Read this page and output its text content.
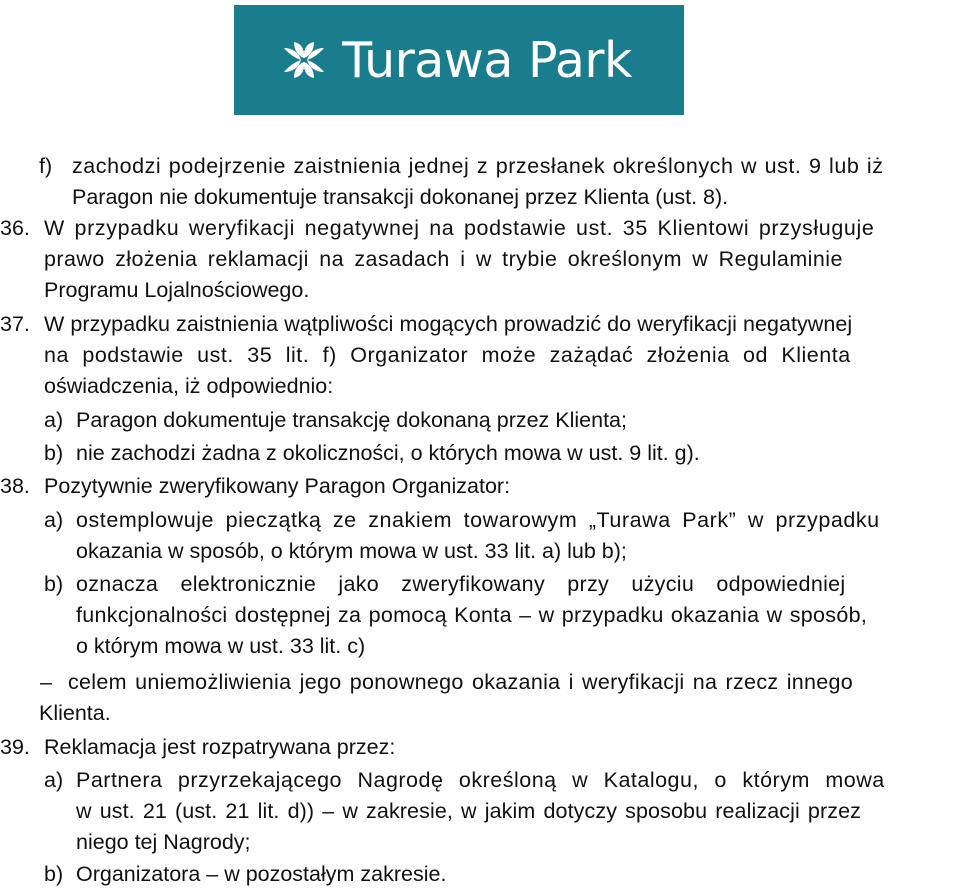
Turawa Park
f) zachodzi podejrzenie zaistnienia jednej z przesłanek określonych w ust. 9 lub iż
Paragon nie dokumentuje transakcji dokonanej przez Klienta (ust. 8).
36. W przypadku weryfikacji negatywnej na podstawie ust. 35 Klientowi przysługuje
prawo złożenia reklamacji na zasadach i w trybie określonym w Regulaminie
Programu Lojalnościowego.
37. W przypadku zaistnienia wątpliwości mogących prowadzić do weryfikacji negatywnej
na podstawie ust. 35 lit. f) Organizator może zażądać złożenia od Klienta
oświadczenia, iż odpowiednio:
a) Paragon dokumentuje transakcję dokonaną przez Klienta;
b) nie zachodzi żadna z okoliczności, o których mowa w ust. 9 lit. g).
38. Pozytywnie zweryfikowany Paragon Organizator:
a) ostemplowuje pieczątką ze znakiem towarowym „Turawa Park” w przypadku
okazania w sposób, o którym mowa w ust. 33 lit. a) lub b);
b) oznacza elektronicznie jako zweryfikowany przy użyciu odpowiedniej
funkcjonalności dostępnej za pomocą Konta – w przypadku okazania w sposób,
o którym mowa w ust. 33 lit. c)
– celem uniemożliwienia jego ponownego okazania i weryfikacji na rzecz innego
Klienta.
39. Reklamacja jest rozpatrywana przez:
a) Partnera przyrzekającego Nagrodę określoną w Katalogu, o którym mowa
w ust. 21 (ust. 21 lit. d)) – w zakresie, w jakim dotyczy sposobu realizacji przez
niego tej Nagrody;
b) Organizatora – w pozostałym zakresie.
